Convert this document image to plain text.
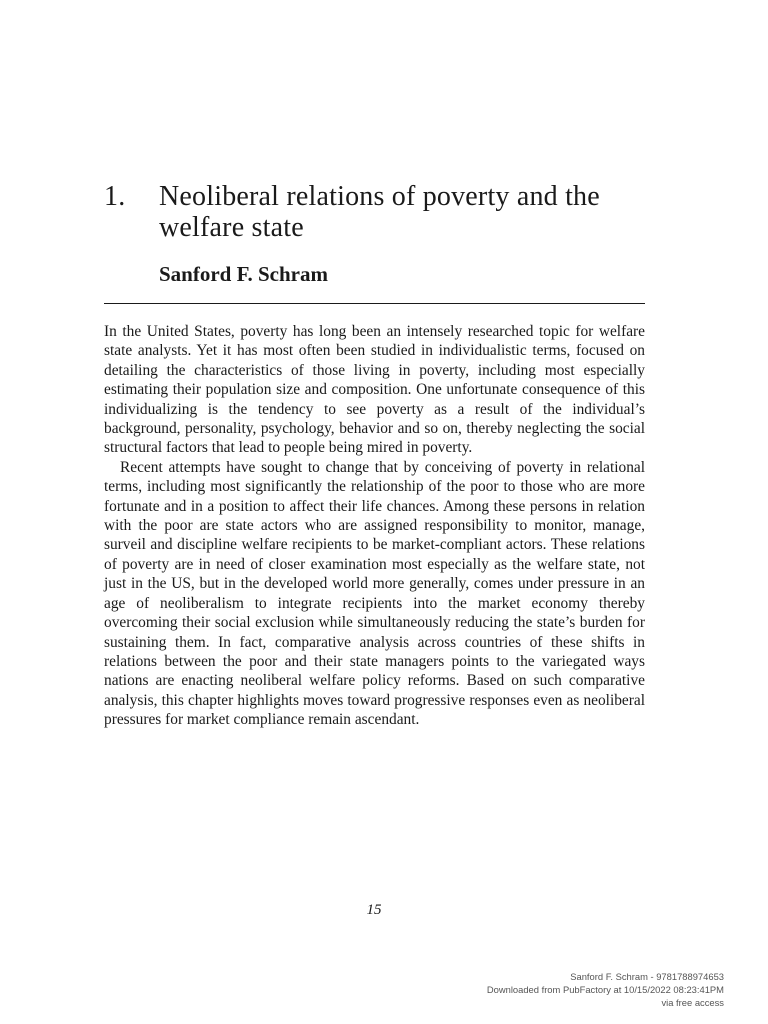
1.	Neoliberal relations of poverty and the welfare state
Sanford F. Schram

In the United States, poverty has long been an intensely researched topic for welfare state analysts. Yet it has most often been studied in individualistic terms, focused on detailing the characteristics of those living in poverty, including most especially estimating their population size and composition. One unfortunate consequence of this individualizing is the tendency to see poverty as a result of the individual’s background, personality, psychology, behavior and so on, thereby neglecting the social structural factors that lead to people being mired in poverty.

Recent attempts have sought to change that by conceiving of poverty in relational terms, including most significantly the relationship of the poor to those who are more fortunate and in a position to affect their life chances. Among these persons in relation with the poor are state actors who are assigned responsibility to monitor, manage, surveil and discipline welfare recipients to be market-compliant actors. These relations of poverty are in need of closer examination most especially as the welfare state, not just in the US, but in the developed world more generally, comes under pressure in an age of neoliberalism to integrate recipients into the market economy thereby overcoming their social exclusion while simultaneously reducing the state’s burden for sustaining them. In fact, comparative analysis across countries of these shifts in relations between the poor and their state managers points to the variegated ways nations are enacting neoliberal welfare policy reforms. Based on such comparative analysis, this chapter highlights moves toward progressive responses even as neoliberal pressures for market compliance remain ascendant.

15
Sanford F. Schram - 9781788974653
Downloaded from PubFactory at 10/15/2022 08:23:41PM
via free access
